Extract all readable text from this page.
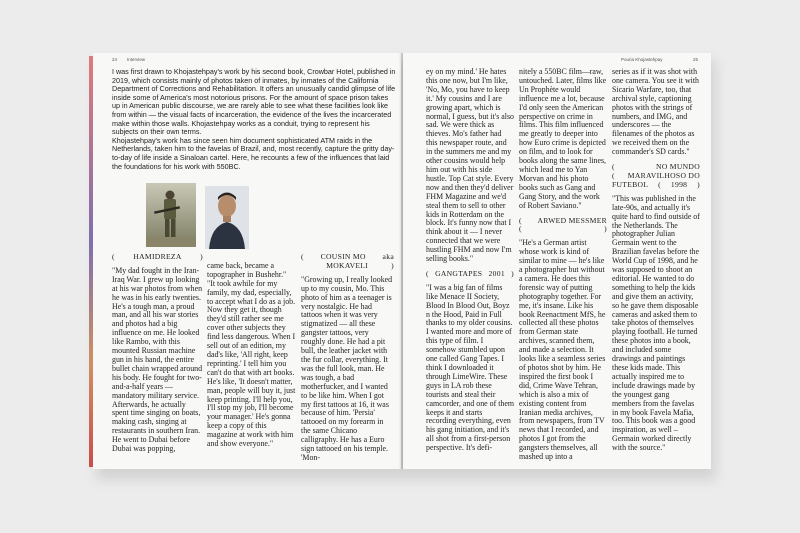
24 Interview

I was first drawn to Khojastehpay's work by his second book, Crowbar Hotel, published in 2019, which consists mainly of photos taken of inmates, by inmates of the California Department of Corrections and Rehabilitation. It offers an unusually candid glimpse of life inside some of America's most notorious prisons. For the amount of space prison takes up in American public discourse, we are rarely able to see what these facilities look like from within — the visual facts of incarceration, the evidence of the lives the incarcerated make within those walls. Khojastehpay works as a conduit, trying to represent his subjects on their own terms.

Khojastehpay's work has since seen him document sophisticated ATM raids in the Netherlands, taken him to the favelas of Brazil, and, most recently, capture the gritty day-to-day of life inside a Sinaloan cartel. Here, he recounts a few of the influences that laid the foundations for his work with 550BC.

( HAMIDREZA )

"My dad fought in the Iran-Iraq War. I grew up looking at his war photos from when he was in his early twenties. He's a tough man, a proud man, and all his war stories and photos had a big influence on me. He looked like Rambo, with this mounted Russian machine gun in his hand, the entire bullet chain wrapped around his body. He fought for two-and-a-half years — mandatory military service. Afterwards, he actually spent time singing on boats, making cash, singing at restaurants in southern Iran. He went to Dubai before Dubai was popping,

came back, became a topographer in Bushehr." "It took awhile for my family, my dad, especially, to accept what I do as a job. Now they get it, though they'd still rather see me cover other subjects they find less dangerous. When I sell out of an edition, my dad's like, 'All right, keep reprinting.' I tell him you can't do that with art books. He's like, 'It doesn't matter, man, people will buy it, just keep printing. I'll help you, I'll stop my job, I'll become your manager.' He's gonna keep a copy of this magazine at work with him and show everyone."

( COUSIN MO aka

MOKAVELI	)

"Growing up, I really looked up to my cousin, Mo. This photo of him as a teenager is very nostalgic. He had tattoos when it was very stigmatized — all these gangster tattoos, very roughly done. He had a pit bull, the leather jacket with the fur collar, everything. It was the full look, man. He was tough, a bad motherfucker, and I wanted to be like him. When I got my first tattoos at 16, it was because of him. 'Persia' tattooed on my forearm in the same Chicano calligraphy. He has a Euro sign tattooed on his temple. 'Mon-

Pouria Khojastehpay	25

ey on my mind.' He hates this one now, but I'm like, 'No, Mo, you have to keep it.' My cousins and I are growing apart, which is normal, I guess, but it's also sad. We were thick as thieves. Mo's father had this newspaper route, and in the summers me and my other cousins would help him out with his side hustle. Top Cat style. Every now and then they'd deliver FHM Magazine and we'd steal them to sell to other kids in Rotterdam on the block. It's funny now that I think about it — I never connected that we were hustling FHM and now I'm selling books."

( GANGTAPES 2001 )

"I was a big fan of films like Menace II Society, Blood In Blood Out, Boyz n the Hood, Paid in Full thanks to my older cousins. I wanted more and more of this type of film. I somehow stumbled upon one called Gang Tapes. I think I downloaded it through LimeWire. These guys in LA rob these tourists and steal their camcorder, and one of them keeps it and starts recording everything, even his gang initiation, and it's all shot from a first-person perspective. It's defi-

nitely a 550BC film—raw, untouched. Later, films like Un Prophète would influence me a lot, because I'd only seen the American perspective on crime in films. This film influenced me greatly to deeper into how Euro crime is depicted on film, and to look for books along the same lines, which lead me to Yan Morvan and his photo books such as Gang and Gang Story, and the work of Robert Saviano."

( ARWED MESSMER
(	)

"He's a German artist whose work is kind of similar to mine — he's like a photographer but without a camera. He does this forensic way of putting photography together. For me, it's insane. Like his book Reenactment MfS, he collected all these photos from German state archives, scanned them, and made a selection. It looks like a seamless series of photos shot by him. He inspired the first book I did, Crime Wave Tehran, which is also a mix of existing content from Iranian media archives, from newspapers, from TV news that I recorded, and photos I got from the gangsters themselves, all mashed up into a

series as if it was shot with one camera. You see it with Sicario Warfare, too, that archival style, captioning photos with the strings of numbers, and IMG, and underscores — the filenames of the photos as we received them on the commander's SD cards."

(	NO MUNDO
( MARAVILHOSO DO
FUTEBOL ( 1998 )

"This was published in the late-90s, and actually it's quite hard to find outside of the Netherlands. The photographer Julian Germain went to the Brazilian favelas before the World Cup of 1998, and he was supposed to shoot an editorial. He wanted to do something to help the kids and give them an activity, so he gave them disposable cameras and asked them to take photos of themselves playing football. He turned these photos into a book, and included some drawings and paintings these kids made. This actually inspired me to include drawings made by the youngest gang members from the favelas in my book Favela Mafia, too. This book was a good inspiration, as well – Germain worked directly with the source."
